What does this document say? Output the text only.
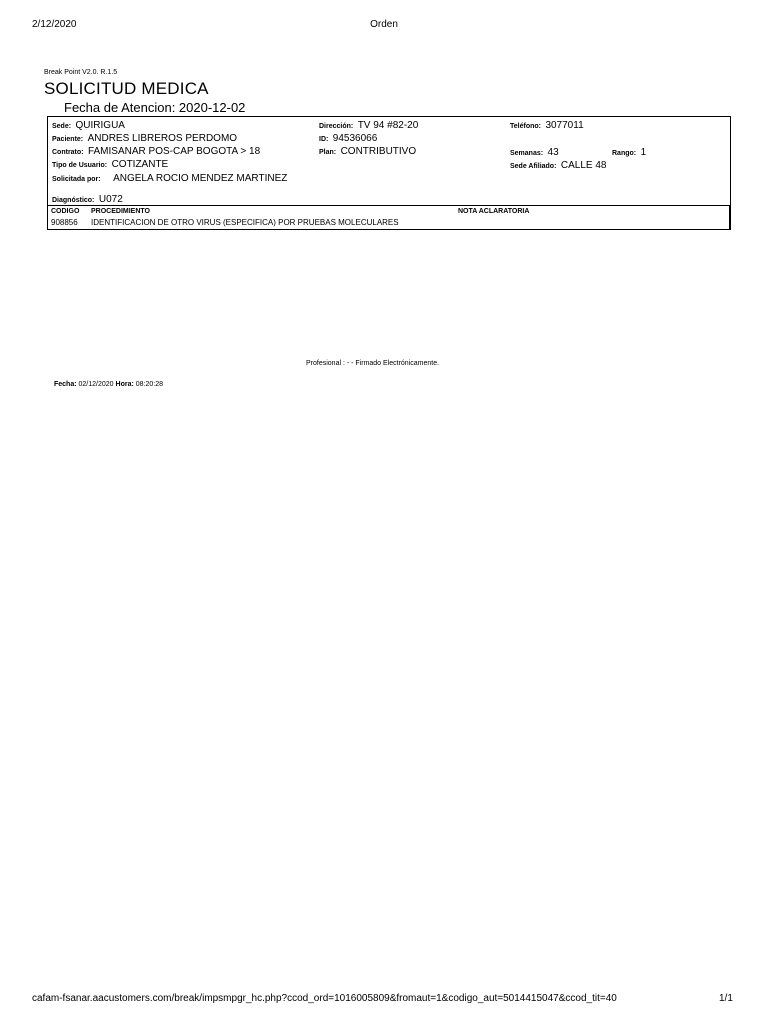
2/12/2020	Orden
Break Point V2.0. R.1.5
SOLICITUD MEDICA
Fecha de Atencion: 2020-12-02
Sede: QUIRIGUA	Dirección: TV 94 #82-20	Teléfono: 3077011
Paciente: ANDRES LIBREROS PERDOMO	ID: 94536066
Contrato: FAMISANAR POS-CAP BOGOTA > 18	Plan: CONTRIBUTIVO	Semanas: 43	Rango: 1
Tipo de Usuario: COTIZANTE	Sede Afiliado: CALLE 48
Solicitada por: ANGELA ROCIO MENDEZ MARTINEZ
Diagnóstico: U072
CODIGO PROCEDIMIENTO	NOTA ACLARATORIA
908856 IDENTIFICACION DE OTRO VIRUS (ESPECIFICA) POR PRUEBAS MOLECULARES
Profesional : - - Firmado Electrónicamente.
Fecha: 02/12/2020 Hora: 08:20:28
cafam-fsanar.aacustomers.com/break/impsmpgr_hc.php?ccod_ord=1016005809&fromaut=1&codigo_aut=5014415047&ccod_tit=40	1/1
